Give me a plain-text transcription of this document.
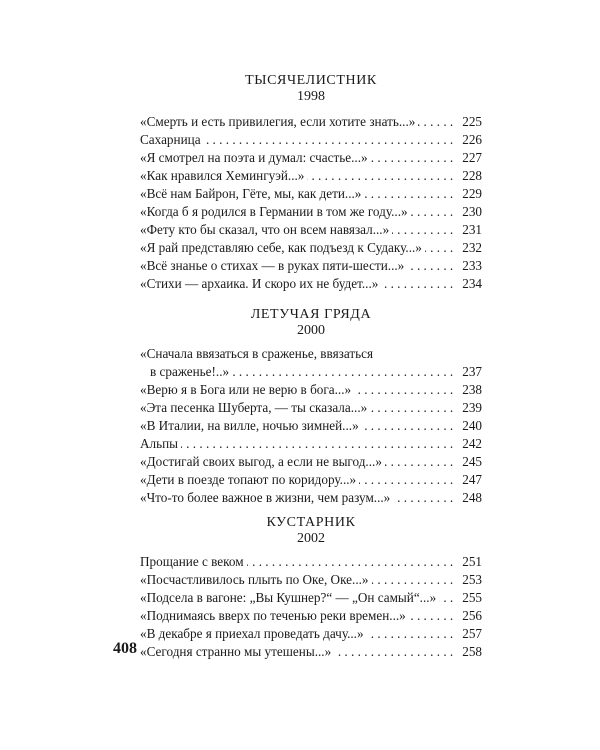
ТЫСЯЧЕЛИСТНИК
1998
. . .
«Смерть и есть привилегия, если хотите знать...»	225
. . .
Сахарница	226
. . .
«Я смотрел на поэта и думал: счастье...»	227
. . .
«Как нравился Хемингуэй...»	228
. . .
«Всё нам Байрон, Гёте, мы, как дети...»	229
. . .
«Когда б я родился в Германии в том же году...»	230
. . .
«Фету кто бы сказал, что он всем навязал...»	231
. . .
«Я рай представляю себе, как подъезд к Судаку...»	232
. . .
«Всё знанье о стихах — в руках пяти-шести...»	233
. . .
«Стихи — архаика. И скоро их не будет...»	234
ЛЕТУЧАЯ ГРЯДА
2000
«Сначала ввязаться в сраженье, ввязаться
. . .
в сраженье!..»	237
. . .
«Верю я в Бога или не верю в бога...»	238
. . .
«Эта песенка Шуберта, — ты сказала...»	239
. . .
«В Италии, на вилле, ночью зимней...»	240
. . .
Альпы	242
. . .
«Достигай своих выгод, а если не выгод...»	245
. . .
«Дети в поезде топают по коридору...»	247
. . .
«Что-то более важное в жизни, чем разум...»	248
КУСТАРНИК
2002
. . .
Прощание с веком	251
. . .
«Посчастливилось плыть по Оке, Оке...»	253
. . .
«Подсела в вагоне: „Вы Кушнер?“ — „Он самый“...»	255
. . .
«Поднимаясь вверх по теченью реки времен...»	256
. . .
«В декабре я приехал проведать дачу...»	257
. . .
«Сегодня странно мы утешены...»	258
408
